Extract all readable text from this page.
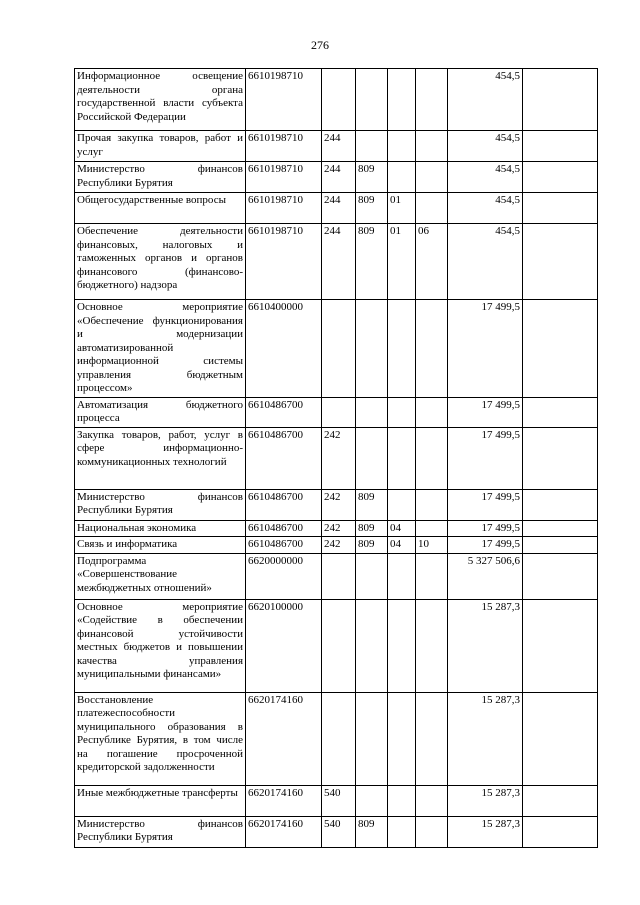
276
Информационное освещение деятельности органа государственной власти субъекта Российской Федерации	6610198710					454,5	
Прочая закупка товаров, работ и услуг	6610198710	244				454,5	
Министерство финансов Республики Бурятия	6610198710	244	809			454,5	
Общегосударственные вопросы	6610198710	244	809	01		454,5	
Обеспечение деятельности финансовых, налоговых и таможенных органов и органов финансового (финансово-бюджетного) надзора	6610198710	244	809	01	06	454,5	
Основное мероприятие «Обеспечение функционирования и модернизации автоматизированной информационной системы управления бюджетным процессом»	6610400000					17 499,5	
Автоматизация бюджетного процесса	6610486700					17 499,5	
Закупка товаров, работ, услуг в сфере информационно-коммуникационных технологий	6610486700	242				17 499,5	
Министерство финансов Республики Бурятия	6610486700	242	809			17 499,5	
Национальная экономика	6610486700	242	809	04		17 499,5	
Связь и информатика	6610486700	242	809	04	10	17 499,5	
Подпрограмма «Совершенствование межбюджетных отношений»	6620000000					5 327 506,6	
Основное мероприятие «Содействие в обеспечении финансовой устойчивости местных бюджетов и повышении качества управления муниципальными финансами»	6620100000					15 287,3	
Восстановление платежеспособности муниципального образования в Республике Бурятия, в том числе на погашение просроченной кредиторской задолженности	6620174160					15 287,3	
Иные межбюджетные трансферты	6620174160	540				15 287,3	
Министерство финансов Республики Бурятия	6620174160	540	809			15 287,3	
